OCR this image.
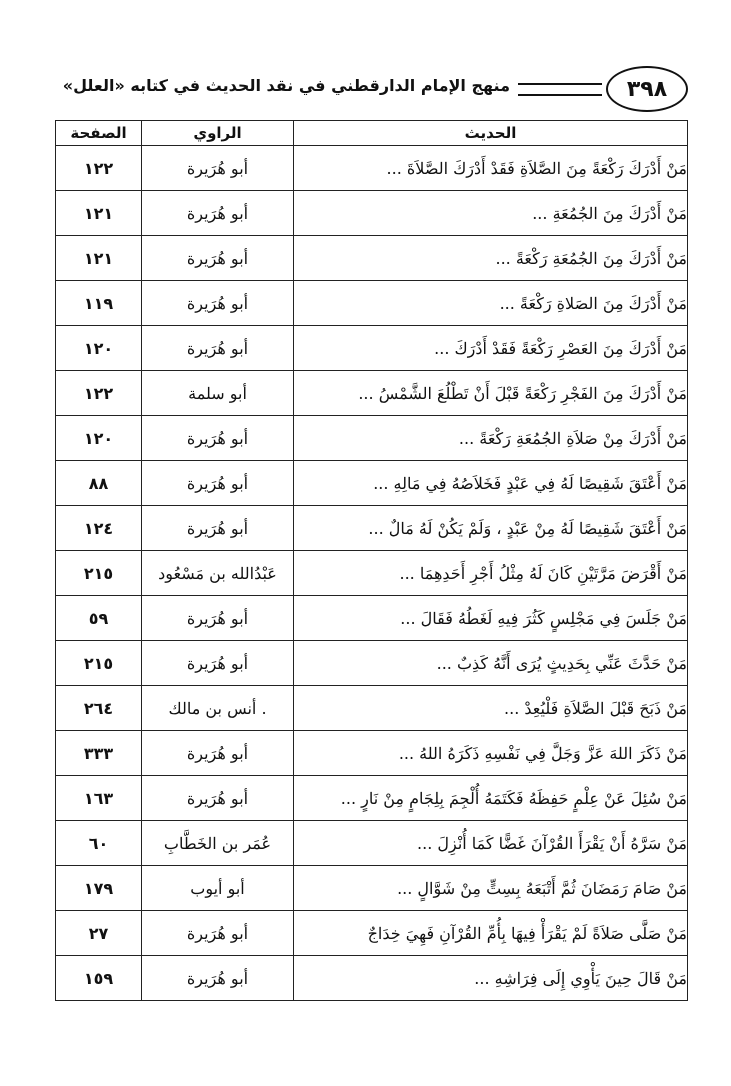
٣٩٨
منهج الإمام الدارقطني في نقد الحديث في كتابه «العلل»
الحديث	الراوي	الصفحة
مَنْ أَدْرَكَ رَكْعَةً مِنَ الصَّلاَةِ فَقَدْ أَدْرَكَ الصَّلاَةَ ...	أبو هُرَيرة	١٢٢
مَنْ أَدْرَكَ مِنَ الجُمُعَةِ ...	أبو هُرَيرة	١٢١
مَنْ أَدْرَكَ مِنَ الجُمُعَةِ رَكْعَةً ...	أبو هُرَيرة	١٢١
مَنْ أَدْرَكَ مِنَ الصَلاةِ رَكْعَةً ...	أبو هُرَيرة	١١٩
مَنْ أَدْرَكَ مِنَ العَصْرِ رَكْعَةً فَقَدْ أَدْرَكَ ...	أبو هُرَيرة	١٢٠
مَنْ أَدْرَكَ مِنَ الفَجْرِ رَكْعَةً قَبْلَ أَنْ تَطْلُعَ الشَّمْسُ ...	أبو سلمة	١٢٢
مَنْ أَدْرَكَ مِنْ صَلاَةِ الجُمُعَةِ رَكْعَةً ...	أبو هُرَيرة	١٢٠
مَنْ أَعْتَقَ شَقِيصًا لَهُ فِي عَبْدٍ فَخَلاَصُهُ فِي مَالِهِ ...	أبو هُرَيرة	٨٨
مَنْ أَعْتَقَ شَقِيصًا لَهُ مِنْ عَبْدٍ ، وَلَمْ يَكُنْ لَهُ مَالٌ ...	أبو هُرَيرة	١٢٤
مَنْ أَقْرَضَ مَرَّتَيْنِ كَانَ لَهُ مِثْلُ أَجْرِ أَحَدِهِمَا ...	عَبْدُالله بن مَسْعُود	٢١٥
مَنْ جَلَسَ فِي مَجْلِسٍ كَثُرَ فِيهِ لَغَطُهُ فَقَالَ ...	أبو هُرَيرة	٥٩
مَنْ حَدَّثَ عَنِّي بِحَدِيثٍ يُرَى أَنَّهُ كَذِبٌ ...	أبو هُرَيرة	٢١٥
مَنْ ذَبَحَ قَبْلَ الصَّلاَةِ فَلْيُعِدْ ...	. أنس بن مالك	٢٦٤
مَنْ ذَكَرَ اللهَ عَزَّ وَجَلَّ فِي نَفْسِهِ ذَكَرَهُ اللهُ ...	أبو هُرَيرة	٣٣٣
مَنْ سُئِلَ عَنْ عِلْمٍ حَفِظَهُ فَكَتَمَهُ أُلْجِمَ بِلِجَامٍ مِنْ نَارٍ ...	أبو هُرَيرة	١٦٣
مَنْ سَرَّهُ أَنْ يَقْرَأَ القُرْآنَ غَضًّا كَمَا أُنْزِلَ ...	عُمَر بن الخَطَّابِ	٦٠
مَنْ صَامَ رَمَضَانَ ثُمَّ أَتْبَعَهُ بِسِتٍّ مِنْ شَوَّالٍ ...	أبو أيوب	١٧٩
مَنْ صَلَّى صَلاَةً لَمْ يَقْرَأْ فِيهَا بِأُمِّ القُرْآنِ فَهِيَ خِدَاجٌ	أبو هُرَيرة	٢٧
مَنْ قَالَ حِينَ يَأْوِي إِلَى فِرَاشِهِ ...	أبو هُرَيرة	١٥٩
